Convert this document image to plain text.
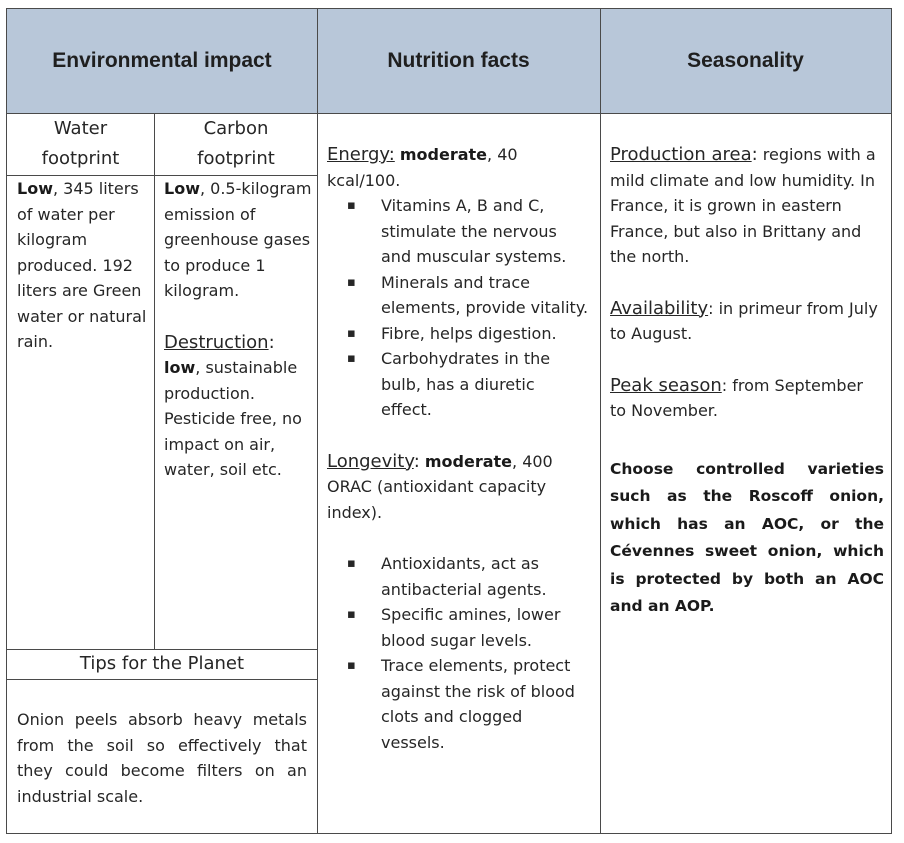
Environmental impact	Nutrition facts	Seasonality
Water
footprint
Carbon
footprint
Low, 345 liters of water per kilogram produced. 192 liters are Green water or natural rain.
Low, 0.5-kilogram emission of greenhouse gases to produce 1 kilogram.
Destruction:
low, sustainable production. Pesticide free, no impact on air, water, soil etc.
Tips for the Planet
Onion peels absorb heavy metals from the soil so effectively that they could become filters on an industrial scale.
Energy: moderate, 40 kcal/100.
▪ Vitamins A, B and C, stimulate the nervous and muscular systems.
▪ Minerals and trace elements, provide vitality.
▪ Fibre, helps digestion.
▪ Carbohydrates in the bulb, has a diuretic effect.
Longevity: moderate, 400 ORAC (antioxidant capacity index).
▪ Antioxidants, act as antibacterial agents.
▪ Specific amines, lower blood sugar levels.
▪ Trace elements, protect against the risk of blood clots and clogged vessels.
Production area: regions with a mild climate and low humidity. In France, it is grown in eastern France, but also in Brittany and the north.
Availability: in primeur from July to August.
Peak season: from September to November.
Choose controlled varieties such as the Roscoff onion, which has an AOC, or the Cévennes sweet onion, which is protected by both an AOC and an AOP.
